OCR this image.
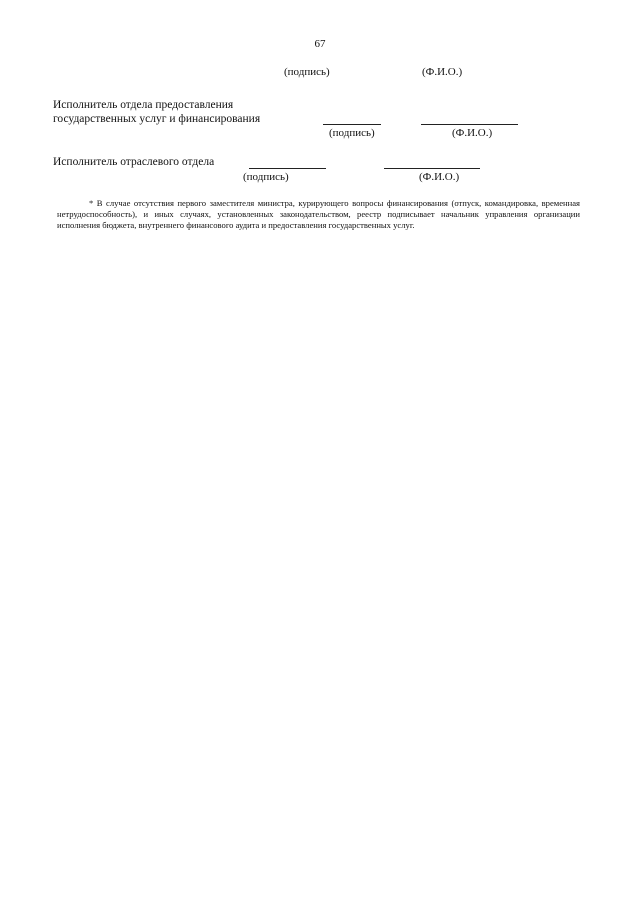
67
(подпись)	(Ф.И.О.)
Исполнитель отдела предоставления
государственных услуг и финансирования
(подпись)	(Ф.И.О.)
Исполнитель отраслевого отдела
(подпись)	(Ф.И.О.)
* В случае отсутствия первого заместителя министра, курирующего вопросы финансирования (отпуск, командировка, временная нетрудоспособность), и иных случаях, установленных законодательством, реестр подписывает начальник управления организации исполнения бюджета, внутреннего финансового аудита и предоставления государственных услуг.
